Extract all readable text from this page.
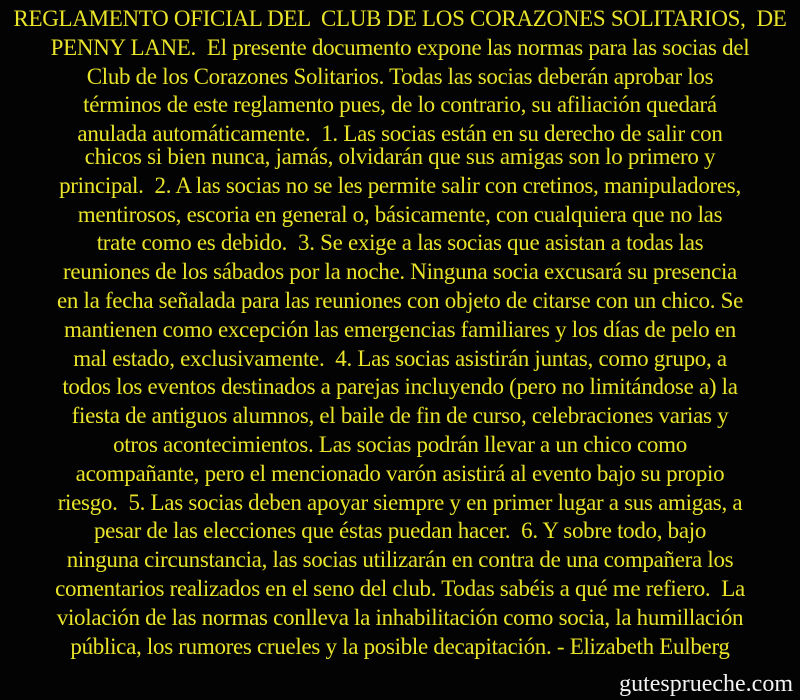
REGLAMENTO OFICIAL DEL  CLUB DE LOS CORAZONES SOLITARIOS,  DE
PENNY LANE.  El presente documento expone las normas para las socias del
Club de los Corazones Solitarios. Todas las socias deberán aprobar los
términos de este reglamento pues, de lo contrario, su afiliación quedará
anulada automáticamente.  1. Las socias están en su derecho de salir con
chicos si bien nunca, jamás, olvidarán que sus amigas son lo primero y
principal.  2. A las socias no se les permite salir con cretinos, manipuladores,
mentirosos, escoria en general o, básicamente, con cualquiera que no las
trate como es debido.  3. Se exige a las socias que asistan a todas las
reuniones de los sábados por la noche. Ninguna socia excusará su presencia
en la fecha señalada para las reuniones con objeto de citarse con un chico. Se
mantienen como excepción las emergencias familiares y los días de pelo en
mal estado, exclusivamente.  4. Las socias asistirán juntas, como grupo, a
todos los eventos destinados a parejas incluyendo (pero no limitándose a) la
fiesta de antiguos alumnos, el baile de fin de curso, celebraciones varias y
otros acontecimientos. Las socias podrán llevar a un chico como
acompañante, pero el mencionado varón asistirá al evento bajo su propio
riesgo.  5. Las socias deben apoyar siempre y en primer lugar a sus amigas, a
pesar de las elecciones que éstas puedan hacer.  6. Y sobre todo, bajo
ninguna circunstancia, las socias utilizarán en contra de una compañera los
comentarios realizados en el seno del club. Todas sabéis a qué me refiero.  La
violación de las normas conlleva la inhabilitación como socia, la humillación
pública, los rumores crueles y la posible decapitación. - Elizabeth Eulberg
gutesprueche.com
